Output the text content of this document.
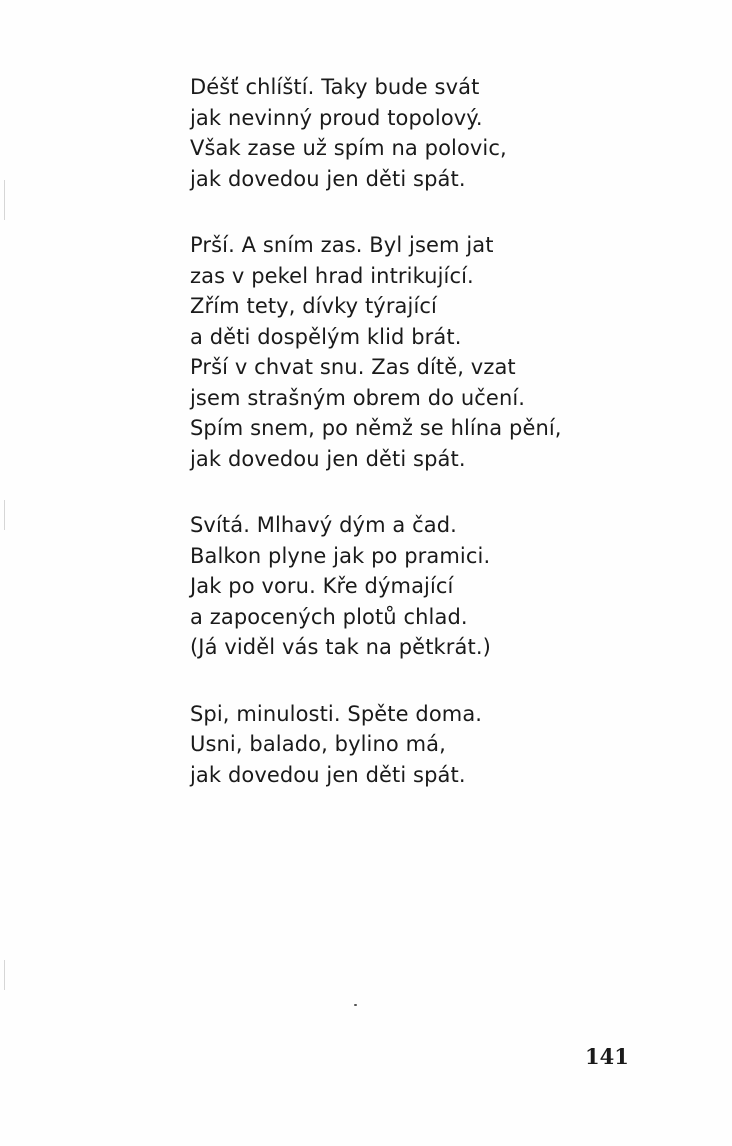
Déšť chlíští. Taky bude svát
jak nevinný proud topolový.
Však zase už spím na polovic,
jak dovedou jen děti spát.
Prší. A sním zas. Byl jsem jat
zas v pekel hrad intrikující.
Zřím tety, dívky týrající
a děti dospělým klid brát.
Prší v chvat snu. Zas dítě, vzat
jsem strašným obrem do učení.
Spím snem, po němž se hlína pění,
jak dovedou jen děti spát.
Svítá. Mlhavý dým a čad.
Balkon plyne jak po pramici.
Jak po voru. Kře dýmající
a zapocených plotů chlad.
(Já viděl vás tak na pětkrát.)
Spi, minulosti. Spěte doma.
Usni, balado, bylino má,
jak dovedou jen děti spát.
141
